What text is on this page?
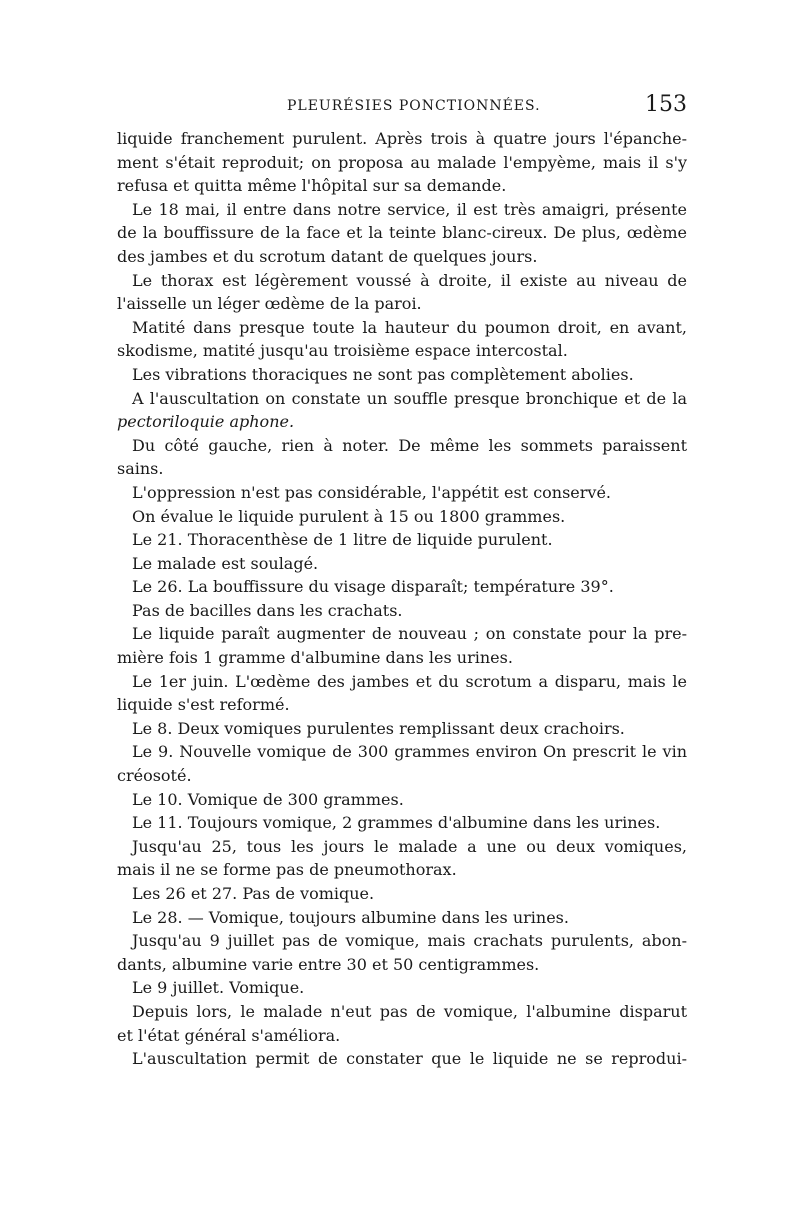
PLEURÉSIES PONCTIONNÉES.	153
liquide franchement purulent. Après trois à quatre jours l'épanche-
ment s'était reproduit; on proposa au malade l'empyème, mais il s'y
refusa et quitta même l'hôpital sur sa demande.
Le 18 mai, il entre dans notre service, il est très amaigri, présente
de la bouffissure de la face et la teinte blanc-cireux. De plus, œdème
des jambes et du scrotum datant de quelques jours.
Le thorax est légèrement voussé à droite, il existe au niveau de
l'aisselle un léger œdème de la paroi.
Matité dans presque toute la hauteur du poumon droit, en avant,
skodisme, matité jusqu'au troisième espace intercostal.
Les vibrations thoraciques ne sont pas complètement abolies.
A l'auscultation on constate un souffle presque bronchique et de la
pectoriloquie aphone.
Du côté gauche, rien à noter. De même les sommets paraissent
sains.
L'oppression n'est pas considérable, l'appétit est conservé.
On évalue le liquide purulent à 15 ou 1800 grammes.
Le 21. Thoracenthèse de 1 litre de liquide purulent.
Le malade est soulagé.
Le 26. La bouffissure du visage disparaît; température 39°.
Pas de bacilles dans les crachats.
Le liquide paraît augmenter de nouveau ; on constate pour la pre-
mière fois 1 gramme d'albumine dans les urines.
Le 1er juin. L'œdème des jambes et du scrotum a disparu, mais le
liquide s'est reformé.
Le 8. Deux vomiques purulentes remplissant deux crachoirs.
Le 9. Nouvelle vomique de 300 grammes environ On prescrit le vin
créosoté.
Le 10. Vomique de 300 grammes.
Le 11. Toujours vomique, 2 grammes d'albumine dans les urines.
Jusqu'au 25, tous les jours le malade a une ou deux vomiques,
mais il ne se forme pas de pneumothorax.
Les 26 et 27. Pas de vomique.
Le 28. — Vomique, toujours albumine dans les urines.
Jusqu'au 9 juillet pas de vomique, mais crachats purulents, abon-
dants, albumine varie entre 30 et 50 centigrammes.
Le 9 juillet. Vomique.
Depuis lors, le malade n'eut pas de vomique, l'albumine disparut
et l'état général s'améliora.
L'auscultation permit de constater que le liquide ne se reprodui-
